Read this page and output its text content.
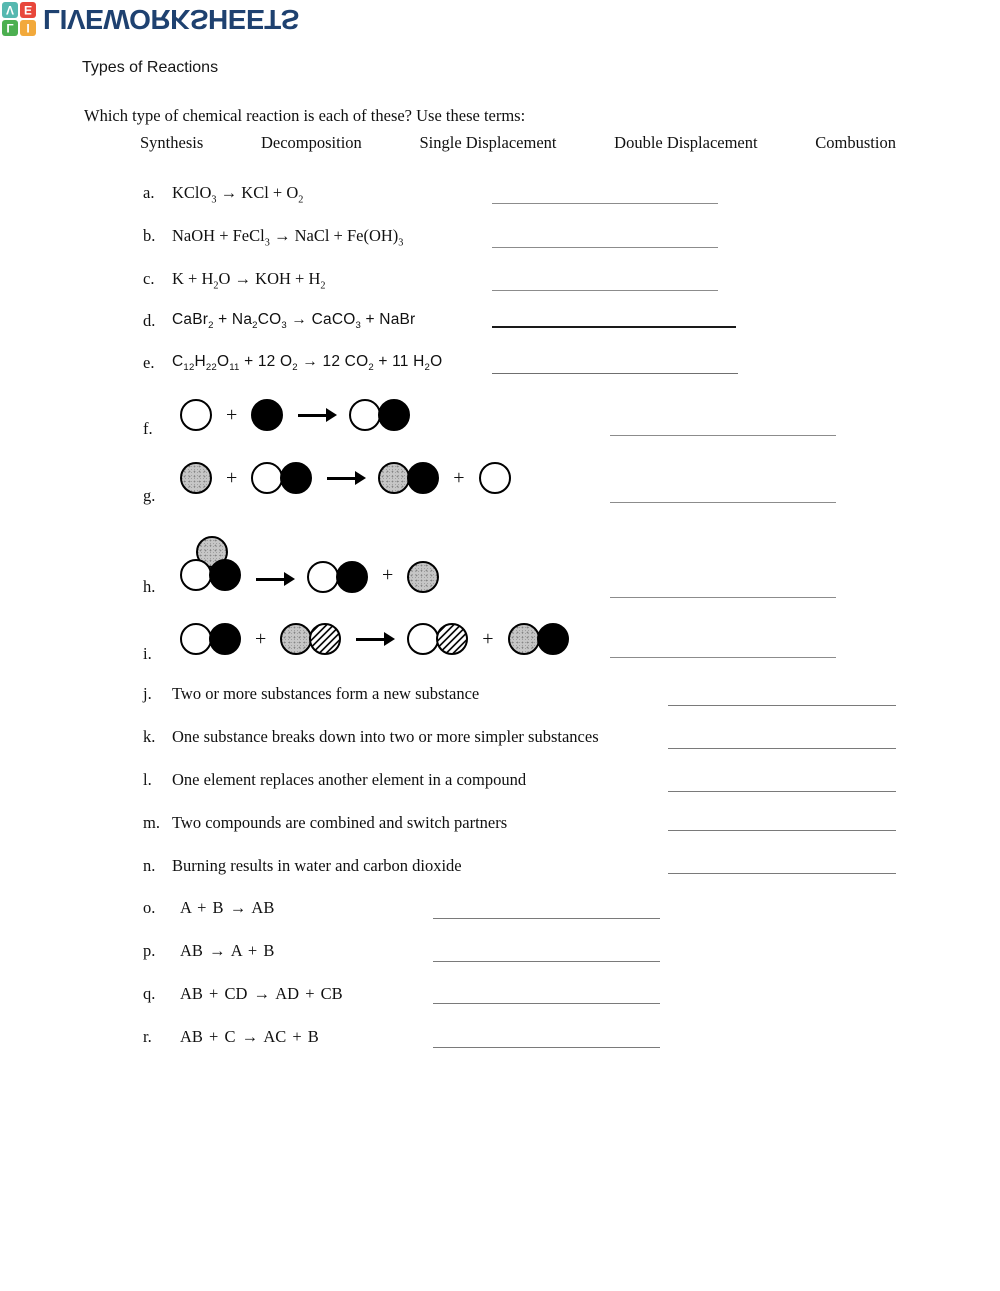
L	I
V E LIVEWORKSHEETS
Types of Reactions
Which type of chemical reaction is each of these? Use these terms:
Synthesis	Decomposition	Single Displacement	Double Displacement	Combustion
a. KClO$_3$ → KCl + $O_2$
b. NaOH + FeCl$_3$ → NaCl + $Fe(OH)_3$
c. $K + H_2O$ → KOH + $H_2$
d. CaBr$_2$ + $Na_2CO_3$ → CaCO$_3$ + NaBr
e. $C_{12}H_{22}O_{11} + 12$ $O_2 \to 12$ $CO_2 + 11$ $H_2O$
f.
+
g.
+	+
h.
+
i.
+	+
j. Two or more substances form a new substance
k. One substance breaks down into two or more simpler substances
l. One element replaces another element in a compound
m. Two compounds are combined and switch partners
n. Burning results in water and carbon dioxide
o. A + B → AB
p. AB → A + B
q. AB + CD → AD + CB
r. AB + C → AC + B
